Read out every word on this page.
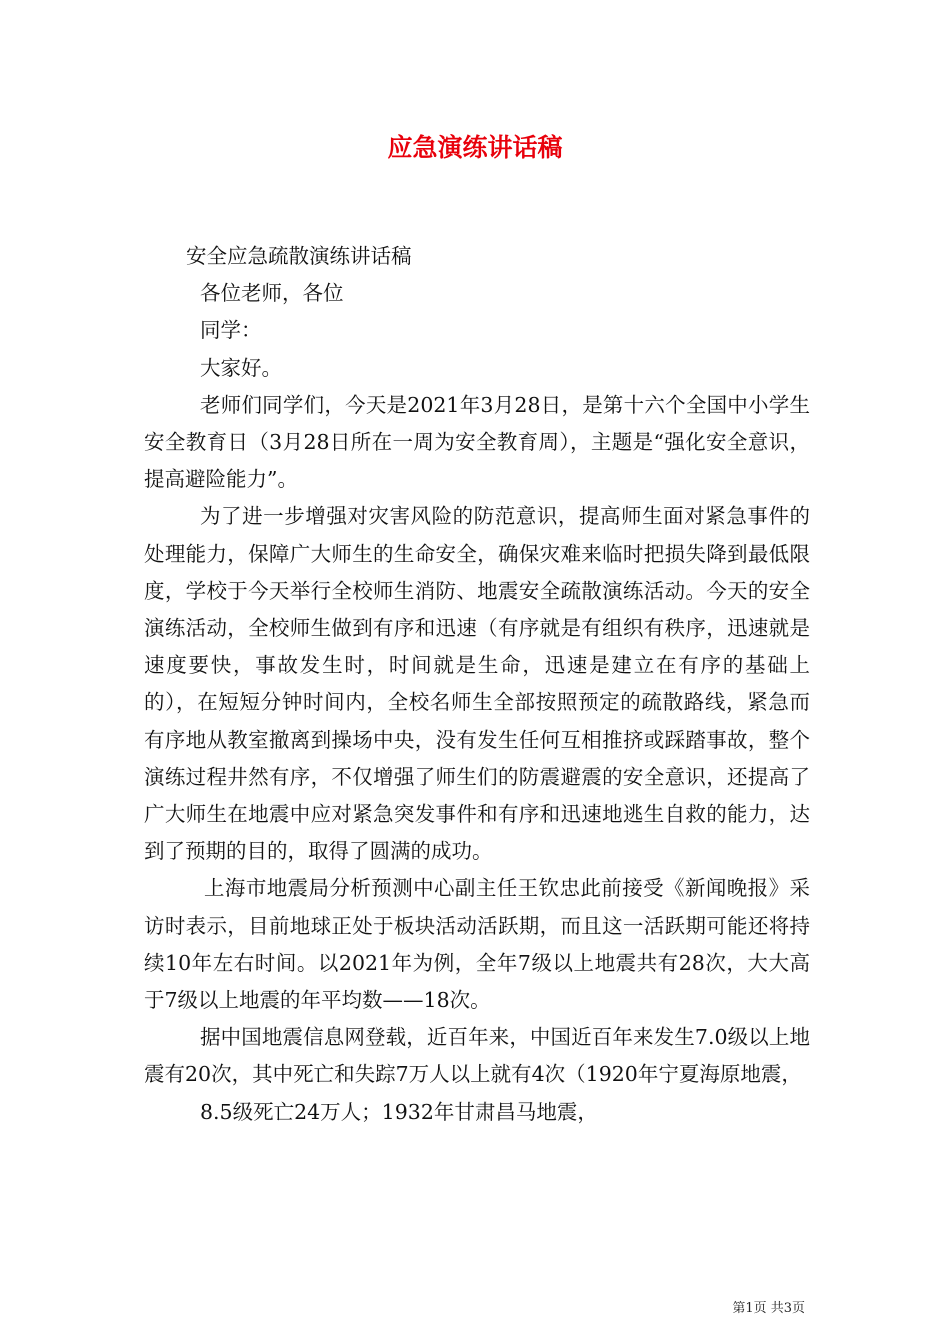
应急演练讲话稿

安全应急疏散演练讲话稿

各位老师，各位

同学：

大家好。

老师们同学们，今天是2021年3月28日，是第十六个全国中小学生安全教育日（3月28日所在一周为安全教育周），主题是“强化安全意识，提高避险能力”。

为了进一步增强对灾害风险的防范意识，提高师生面对紧急事件的处理能力，保障广大师生的生命安全，确保灾难来临时把损失降到最低限度，学校于今天举行全校师生消防、地震安全疏散演练活动。今天的安全演练活动，全校师生做到有序和迅速（有序就是有组织有秩序，迅速就是速度要快，事故发生时，时间就是生命，迅速是建立在有序的基础上的），在短短分钟时间内，全校名师生全部按照预定的疏散路线，紧急而有序地从教室撤离到操场中央，没有发生任何互相推挤或踩踏事故，整个演练过程井然有序，不仅增强了师生们的防震避震的安全意识，还提高了广大师生在地震中应对紧急突发事件和有序和迅速地逃生自救的能力，达到了预期的目的，取得了圆满的成功。

上海市地震局分析预测中心副主任王钦忠此前接受《新闻晚报》采访时表示，目前地球正处于板块活动活跃期，而且这一活跃期可能还将持续10年左右时间。以2021年为例，全年7级以上地震共有28次，大大高于7级以上地震的年平均数——18次。

据中国地震信息网登载，近百年来，中国近百年来发生7.0级以上地震有20次，其中死亡和失踪7万人以上就有4次（1920年宁夏海原地震，

8.5级死亡24万人；1932年甘肃昌马地震，

第1页 共3页
